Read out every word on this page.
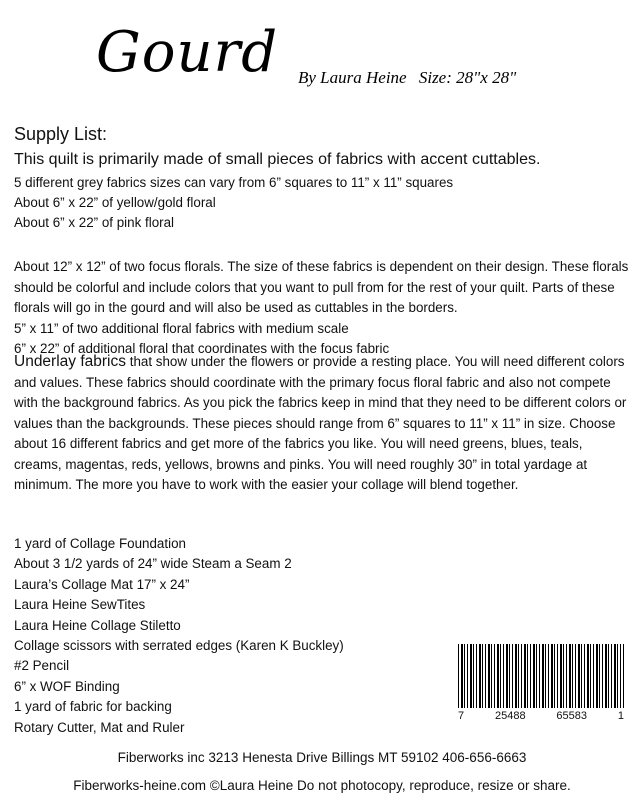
Gourd By Laura Heine Size: 28"x 28"
Supply List:
This quilt is primarily made of small pieces of fabrics with accent cuttables.
5 different grey fabrics sizes can vary from 6” squares to 11” x 11” squares
About 6” x 22” of yellow/gold floral
About 6” x 22” of pink floral
About 12” x 12” of two focus florals. The size of these fabrics is dependent on their design. These florals should be colorful and include colors that you want to pull from for the rest of your quilt. Parts of these florals will go in the gourd and will also be used as cuttables in the borders.
5” x 11” of two additional floral fabrics with medium scale
6” x 22” of additional floral that coordinates with the focus fabric
Underlay fabrics that show under the flowers or provide a resting place. You will need different colors and values. These fabrics should coordinate with the primary focus floral fabric and also not compete with the background fabrics. As you pick the fabrics keep in mind that they need to be different colors or values than the backgrounds. These pieces should range from 6” squares to 11” x 11” in size. Choose about 16 different fabrics and get more of the fabrics you like. You will need greens, blues, teals, creams, magentas, reds, yellows, browns and pinks. You will need roughly 30” in total yardage at minimum. The more you have to work with the easier your collage will blend together.
1 yard of Collage Foundation
About 3 1/2 yards of 24” wide Steam a Seam 2
Laura’s Collage Mat 17” x 24”
Laura Heine SewTites
Laura Heine Collage Stiletto
Collage scissors with serrated edges (Karen K Buckley)
#2 Pencil
6” x WOF Binding
1 yard of fabric for backing
Rotary Cutter, Mat and Ruler
7	25488	65583	1
Fiberworks inc 3213 Henesta Drive Billings MT 59102 406-656-6663
Fiberworks-heine.com ©Laura Heine Do not photocopy, reproduce, resize or share.
